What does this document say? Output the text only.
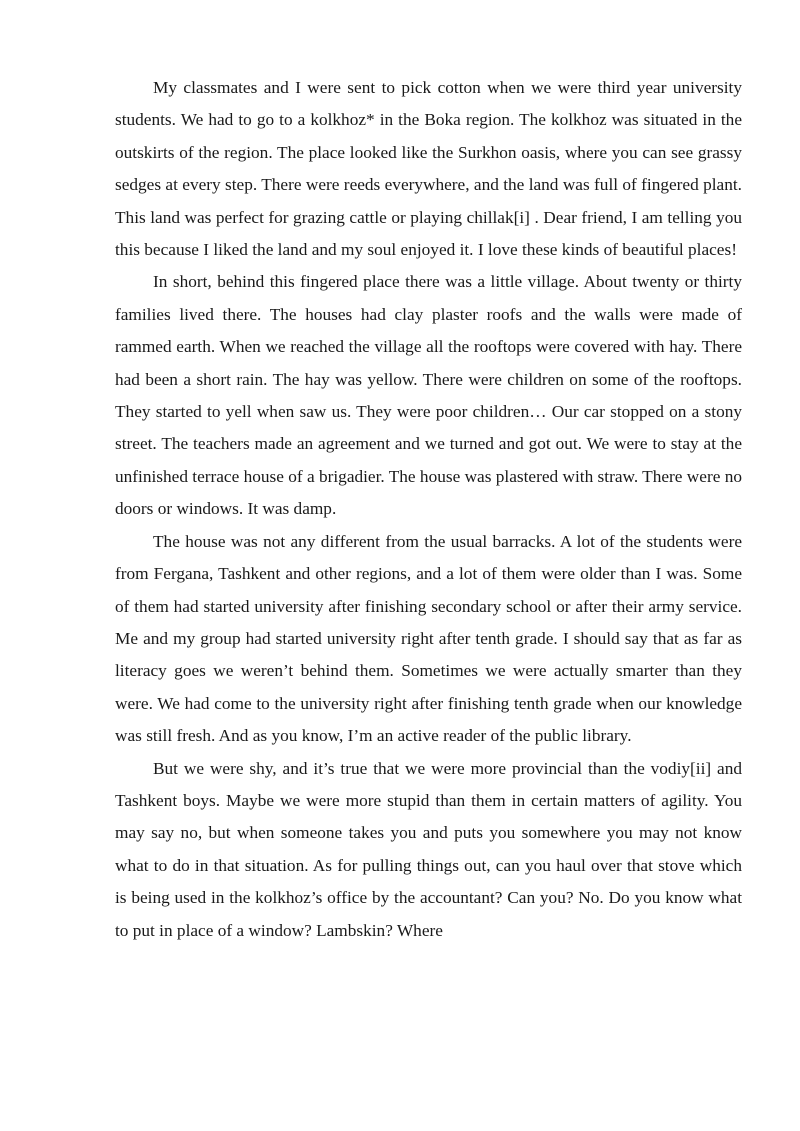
My classmates and I were sent to pick cotton when we were third year university students. We had to go to a kolkhoz* in the Boka region. The kolkhoz was situated in the outskirts of the region. The place looked like the Surkhon oasis, where you can see grassy sedges at every step. There were reeds everywhere, and the land was full of fingered plant. This land was perfect for grazing cattle or playing chillak[i] . Dear friend, I am telling you this because I liked the land and my soul enjoyed it. I love these kinds of beautiful places!

In short, behind this fingered place there was a little village. About twenty or thirty families lived there. The houses had clay plaster roofs and the walls were made of rammed earth. When we reached the village all the rooftops were covered with hay. There had been a short rain. The hay was yellow. There were children on some of the rooftops. They started to yell when saw us. They were poor children… Our car stopped on a stony street. The teachers made an agreement and we turned and got out. We were to stay at the unfinished terrace house of a brigadier. The house was plastered with straw. There were no doors or windows. It was damp.

The house was not any different from the usual barracks. A lot of the students were from Fergana, Tashkent and other regions, and a lot of them were older than I was. Some of them had started university after finishing secondary school or after their army service. Me and my group had started university right after tenth grade. I should say that as far as literacy goes we weren’t behind them. Sometimes we were actually smarter than they were. We had come to the university right after finishing tenth grade when our knowledge was still fresh. And as you know, I’m an active reader of the public library.

But we were shy, and it’s true that we were more provincial than the vodiy[ii] and Tashkent boys. Maybe we were more stupid than them in certain matters of agility. You may say no, but when someone takes you and puts you somewhere you may not know what to do in that situation. As for pulling things out, can you haul over that stove which is being used in the kolkhoz’s office by the accountant? Can you? No. Do you know what to put in place of a window? Lambskin? Where
